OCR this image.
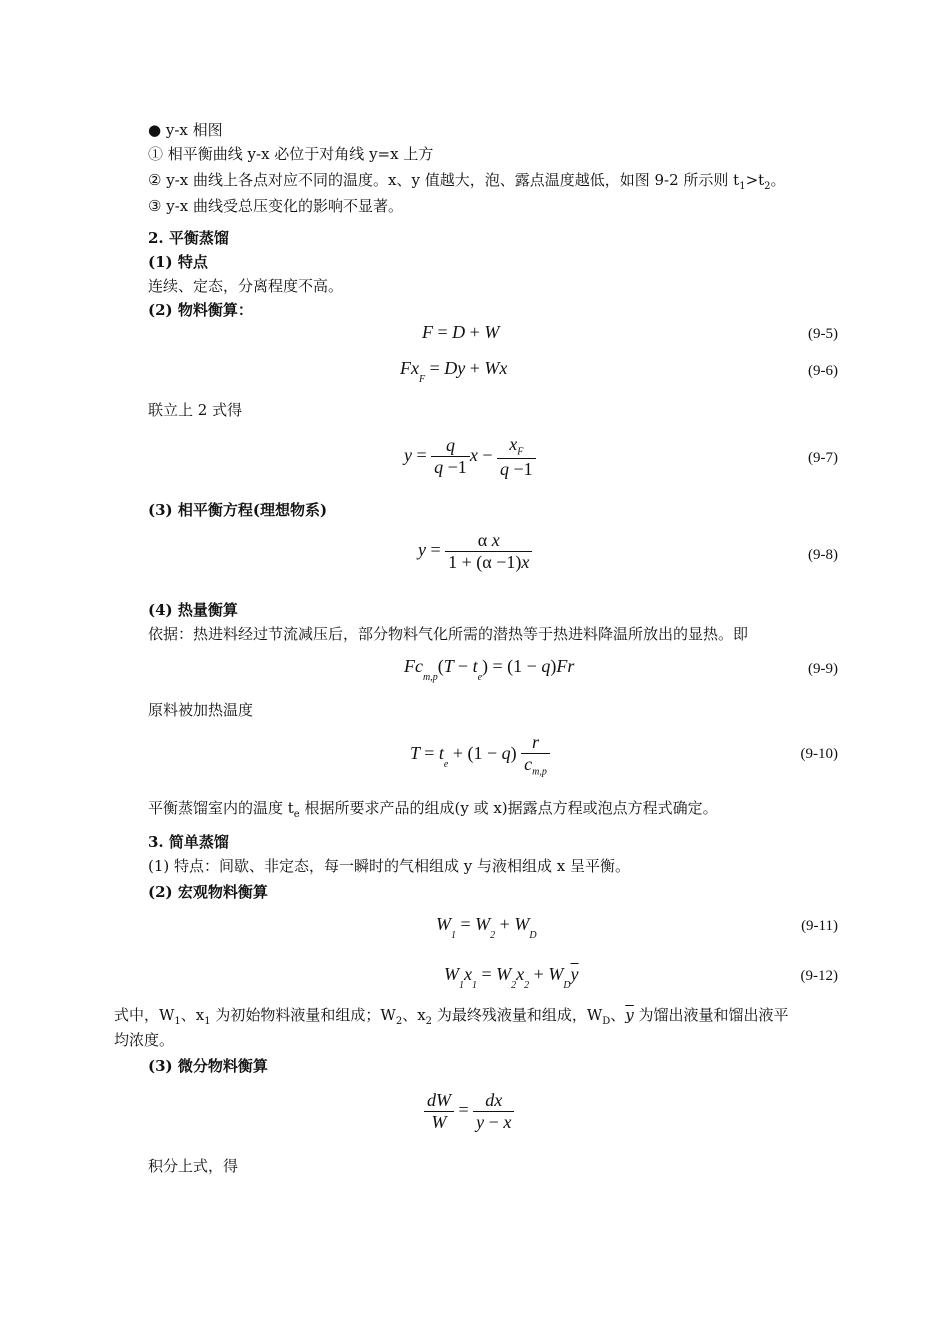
● y-x 相图
① 相平衡曲线 y-x 必位于对角线 y=x 上方
② y-x 曲线上各点对应不同的温度。x、y 值越大，泡、露点温度越低，如图 9-2 所示则 $t_1>t_2$。
③ y-x 曲线受总压变化的影响不显著。
2. 平衡蒸馏
(1) 特点
连续、定态，分离程度不高。
(2) 物料衡算：
F = D + W	(9-5)
$Fx_F = Dy + Wx$	(9-6)
联立上 2 式得
$y = \frac{q}{q -1}$ $x - \frac{x_F}{q -1}$	(9-7)
(3) 相平衡方程(理想物系)
$y = \frac{\text{α x}}{1 + (\alpha -1)x}$	(9-8)
(4) 热量衡算
依据：热进料经过节流减压后，部分物料气化所需的潜热等于热进料降温所放出的显热。即
$Fc_{m,p}(T - t_e) = (1 - q)Fr$	(9-9)
原料被加热温度
$T = t_e + (1 - q) \frac{r}{c_{m,p}}$	(9-10)
平衡蒸馏室内的温度 $t_e$ 根据所要求产品的组成(y 或 x)据露点方程或泡点方程式确定。
3. 简单蒸馏
(1) 特点：间歇、非定态，每一瞬时的气相组成 y 与液相组成 x 呈平衡。
(2) 宏观物料衡算
$W_1 = W_2 + W_D$
(9-11)
$W_1x_1 = W_2x_2 + W_D\overline{y}$	(9-12)
式中，$W_1$、$x_1$ 为初始物料液量和组成；$W_2$、$x_2$ 为最终残液量和组成，$W_D$、$\overline{y}$ 为馏出液量和馏出液平
均浓度。
(3) 微分物料衡算
$\frac{dW}{W} = \frac{dx}{y - x}$
积分上式，得
